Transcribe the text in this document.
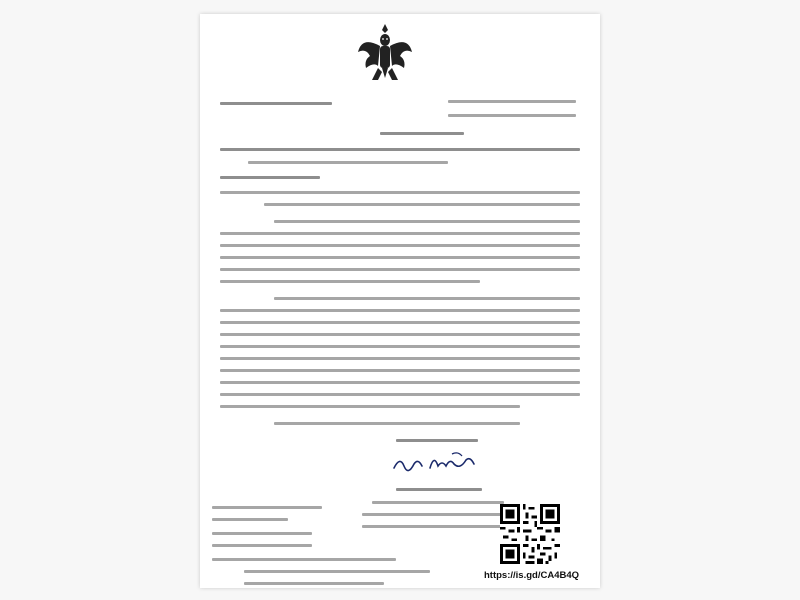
https://is.gd/CA4B4Q
